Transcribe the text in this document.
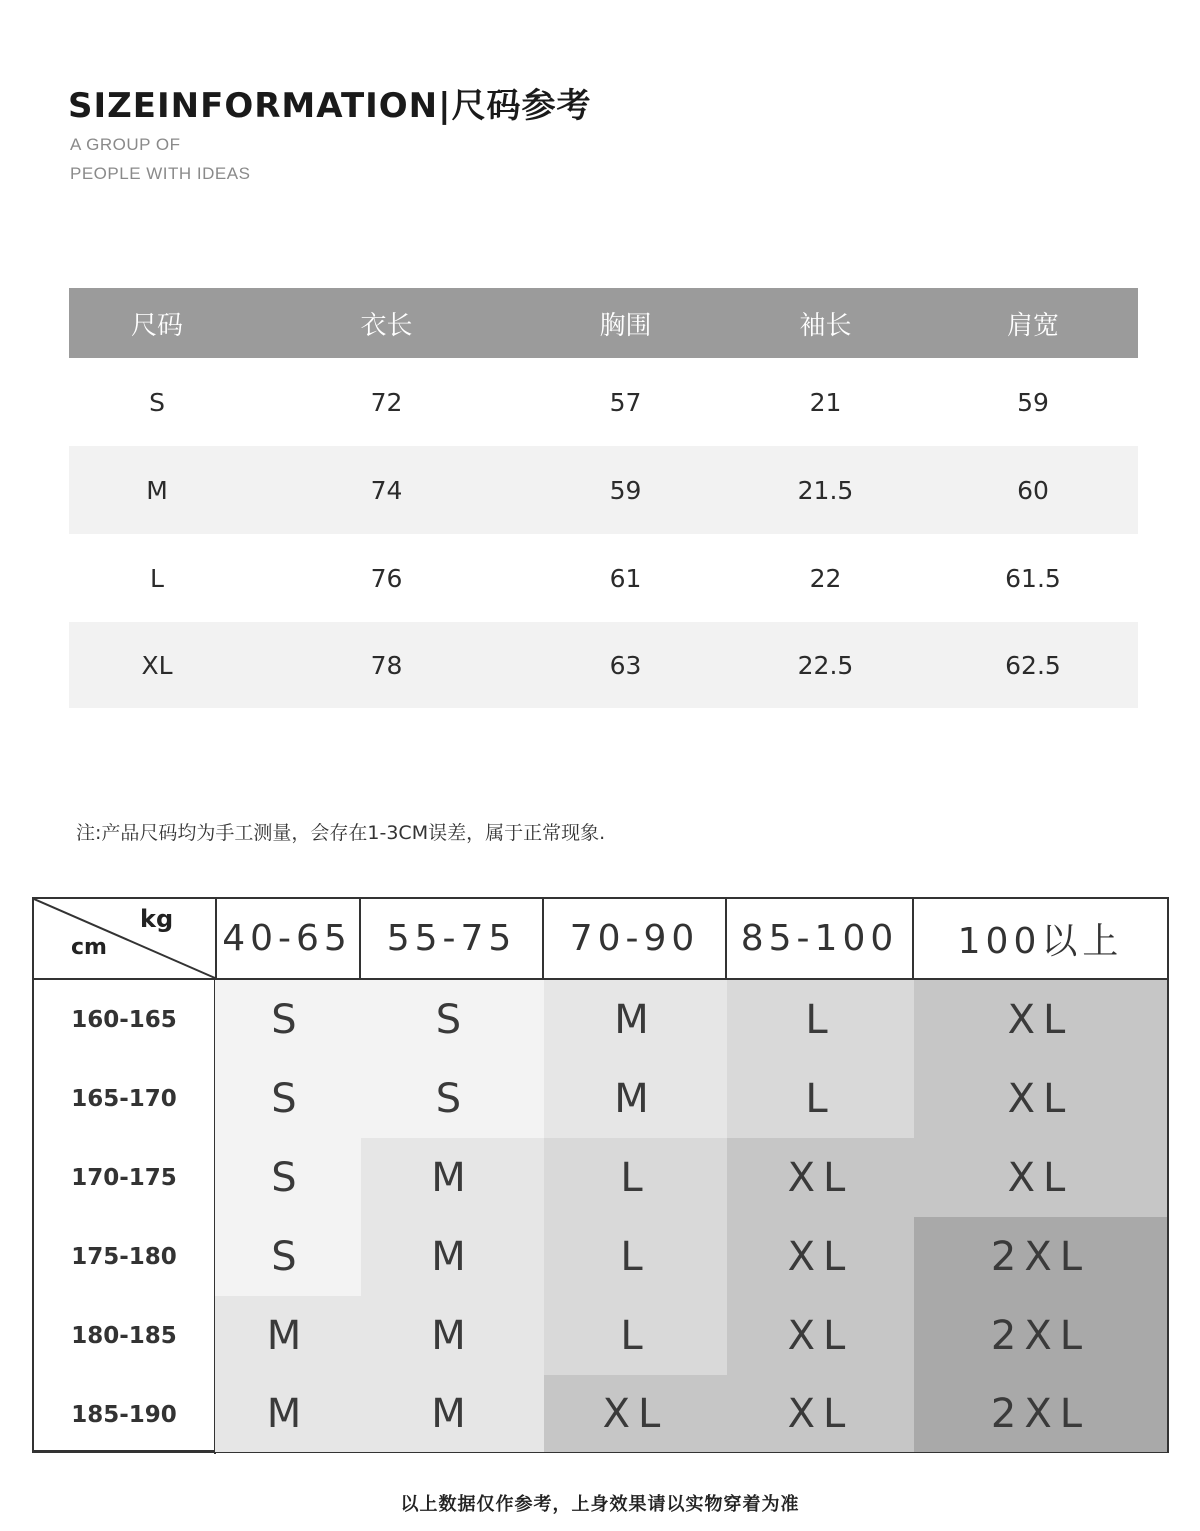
SIZEINFORMATION|尺码参考
A GROUP OF
PEOPLE WITH IDEAS
尺码	衣长	胸围	袖长	肩宽
S	72	57	21	59
M	74	59	21.5	60
L	76	61	22	61.5
XL	78	63	22.5	62.5
注:产品尺码均为手工测量，会存在1-3CM误差，属于正常现象.
kg
cm	40-65 55-75	70-90	85-100	100以上
160-165	S	S	M	L	XL
165-170	S	S	M	L	XL
170-175	S	M	L	XL	XL
175-180	S	M	L	XL	2XL
180-185	M	M	L	XL	2XL
185-190	M	M	XL	XL	2XL
以上数据仅作参考，上身效果请以实物穿着为准
